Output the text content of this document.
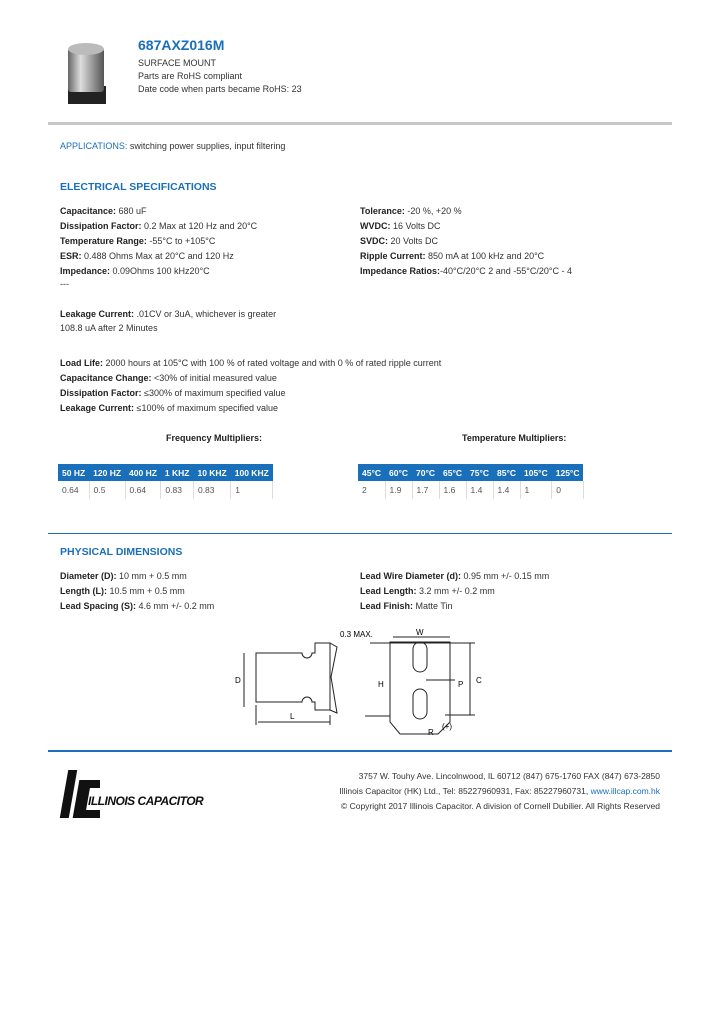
687AXZ016M
SURFACE MOUNT
Parts are RoHS compliant
Date code when parts became RoHS: 23
APPLICATIONS: switching power supplies, input filtering
ELECTRICAL SPECIFICATIONS
Capacitance: 680 uF
Dissipation Factor: 0.2 Max at 120 Hz and 20°C
Temperature Range: -55°C to +105°C
ESR: 0.488 Ohms Max at 20°C and 120 Hz
Impedance: 0.09Ohms 100 kHz20°C
Tolerance: -20 %, +20 %
WVDC: 16 Volts DC
SVDC: 20 Volts DC
Ripple Current: 850 mA at 100 kHz and 20°C
Impedance Ratios:-40°C/20°C 2 and -55°C/20°C - 4
---
Leakage Current: .01CV or 3uA, whichever is greater
108.8 uA after 2 Minutes
Load Life: 2000 hours at 105°C with 100 % of rated voltage and with 0 % of rated ripple current
Capacitance Change: <30% of initial measured value
Dissipation Factor: ≤300% of maximum specified value
Leakage Current: ≤100% of maximum specified value
Frequency Multipliers:
50 HZ	120 HZ	400 HZ	1 KHZ	10 KHZ	100 KHZ
0.64	0.5	0.64	0.83	0.83	1
Temperature Multipliers:
45°C	60°C	70°C	65°C	75°C	85°C	105°C	125°C
2	1.9	1.7	1.6	1.4	1.4	1	0
PHYSICAL DIMENSIONS
Diameter (D): 10 mm + 0.5 mm
Length (L): 10.5 mm + 0.5 mm
Lead Spacing (S): 4.6 mm +/- 0.2 mm
Lead Wire Diameter (d): 0.95 mm +/- 0.15 mm
Lead Length: 3.2 mm +/- 0.2 mm
Lead Finish: Matte Tin
D
L
0.3 MAX.	W
H	P C
R
(+)
ILLINOIS CAPACITOR
3757 W. Touhy Ave. Lincolnwood, IL 60712 (847) 675-1760 FAX (847) 673-2850
Illinois Capacitor (HK) Ltd., Tel: 85227960931, Fax: 85227960731, www.illcap.com.hk
© Copyright 2017 Illinois Capacitor. A division of Cornell Dubilier. All Rights Reserved
